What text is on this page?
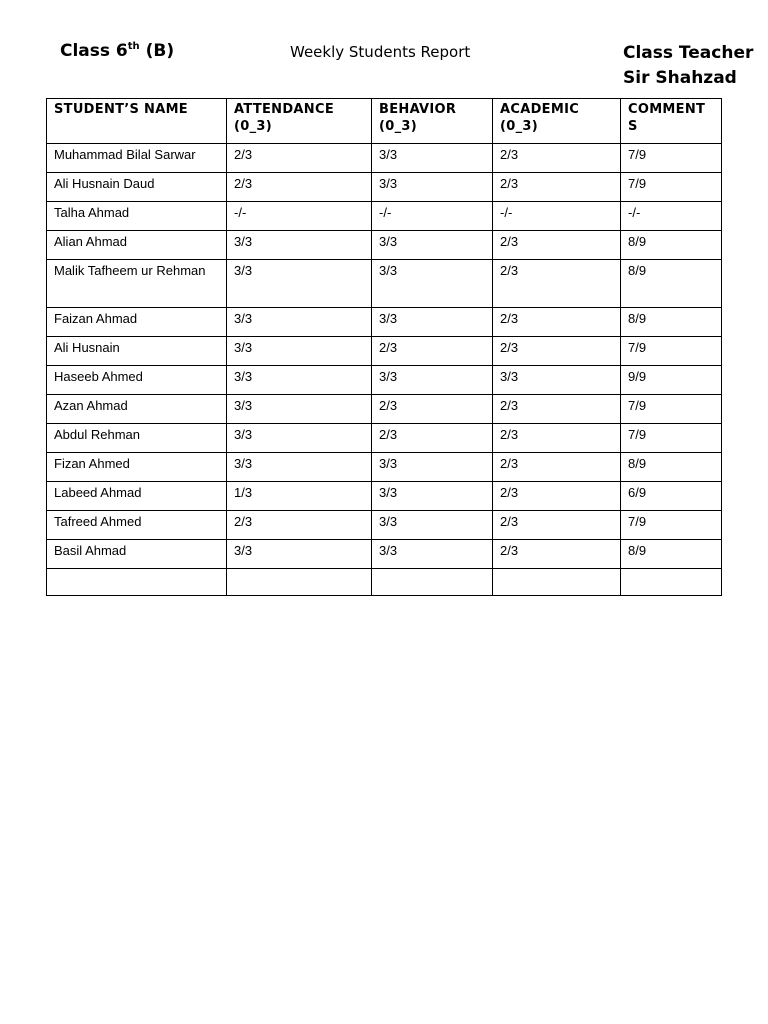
Class 6th (B)	Weekly Students Report	Class Teacher
Sir Shahzad
STUDENT’S NAME	ATTENDANCE (0_3)	BEHAVIOR (0_3)	ACADEMIC (0_3)	COMMENT S
Muhammad Bilal Sarwar	2/3	3/3	2/3	7/9
Ali Husnain Daud	2/3	3/3	2/3	7/9
Talha Ahmad	-/-	-/-	-/-	-/-
Alian Ahmad	3/3	3/3	2/3	8/9
Malik Tafheem ur Rehman	3/3	3/3	2/3	8/9
Faizan Ahmad	3/3	3/3	2/3	8/9
Ali Husnain	3/3	2/3	2/3	7/9
Haseeb Ahmed	3/3	3/3	3/3	9/9
Azan Ahmad	3/3	2/3	2/3	7/9
Abdul Rehman	3/3	2/3	2/3	7/9
Fizan Ahmed	3/3	3/3	2/3	8/9
Labeed Ahmad	1/3	3/3	2/3	6/9
Tafreed Ahmed	2/3	3/3	2/3	7/9
Basil Ahmad	3/3	3/3	2/3	8/9
